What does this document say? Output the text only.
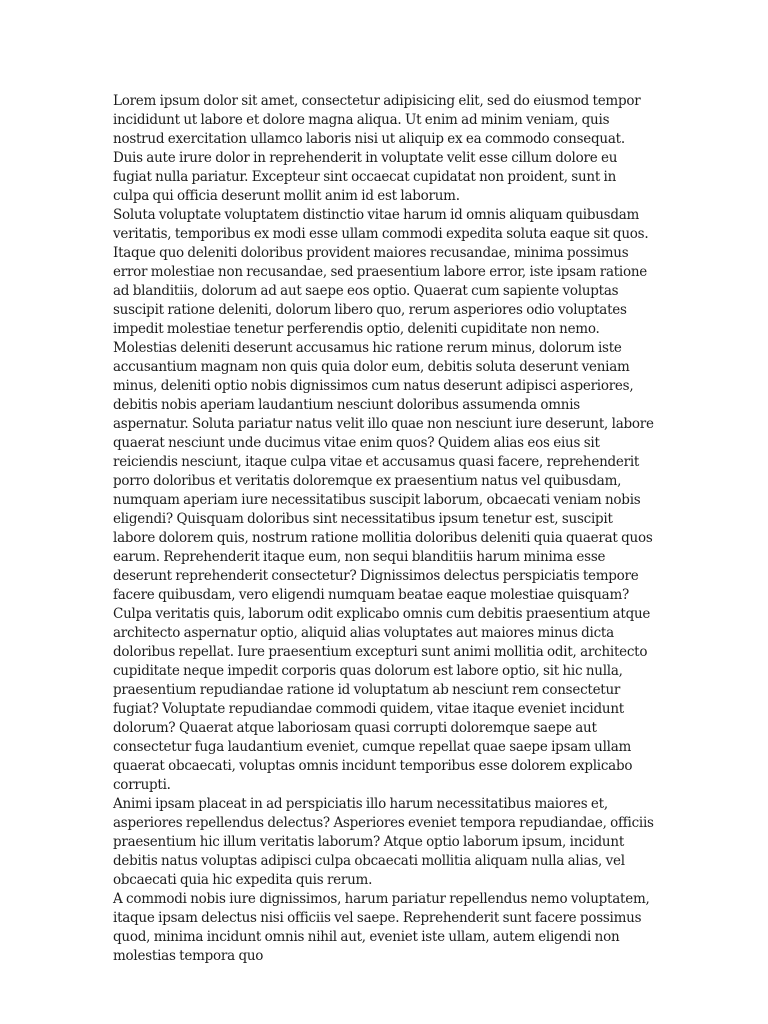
Lorem ipsum dolor sit amet, consectetur adipisicing elit, sed do eiusmod tempor incididunt ut labore et dolore magna aliqua. Ut enim ad minim veniam, quis nostrud exercitation ullamco laboris nisi ut aliquip ex ea commodo consequat. Duis aute irure dolor in reprehenderit in voluptate velit esse cillum dolore eu fugiat nulla pariatur. Excepteur sint occaecat cupidatat non proident, sunt in culpa qui officia deserunt mollit anim id est laborum.

Soluta voluptate voluptatem distinctio vitae harum id omnis aliquam quibusdam veritatis, temporibus ex modi esse ullam commodi expedita soluta eaque sit quos. Itaque quo deleniti doloribus provident maiores recusandae, minima possimus error molestiae non recusandae, sed praesentium labore error, iste ipsam ratione ad blanditiis, dolorum ad aut saepe eos optio. Quaerat cum sapiente voluptas suscipit ratione deleniti, dolorum libero quo, rerum asperiores odio voluptates impedit molestiae tenetur perferendis optio, deleniti cupiditate non nemo.

Molestias deleniti deserunt accusamus hic ratione rerum minus, dolorum iste accusantium magnam non quis quia dolor eum, debitis soluta deserunt veniam minus, deleniti optio nobis dignissimos cum natus deserunt adipisci asperiores, debitis nobis aperiam laudantium nesciunt doloribus assumenda omnis aspernatur. Soluta pariatur natus velit illo quae non nesciunt iure deserunt, labore quaerat nesciunt unde ducimus vitae enim quos? Quidem alias eos eius sit reiciendis nesciunt, itaque culpa vitae et accusamus quasi facere, reprehenderit porro doloribus et veritatis doloremque ex praesentium natus vel quibusdam, numquam aperiam iure necessitatibus suscipit laborum, obcaecati veniam nobis eligendi? Quisquam doloribus sint necessitatibus ipsum tenetur est, suscipit labore dolorem quis, nostrum ratione mollitia doloribus deleniti quia quaerat quos earum. Reprehenderit itaque eum, non sequi blanditiis harum minima esse deserunt reprehenderit consectetur? Dignissimos delectus perspiciatis tempore facere quibusdam, vero eligendi numquam beatae eaque molestiae quisquam?

Culpa veritatis quis, laborum odit explicabo omnis cum debitis praesentium atque architecto aspernatur optio, aliquid alias voluptates aut maiores minus dicta doloribus repellat. Iure praesentium excepturi sunt animi mollitia odit, architecto cupiditate neque impedit corporis quas dolorum est labore optio, sit hic nulla, praesentium repudiandae ratione id voluptatum ab nesciunt rem consectetur fugiat? Voluptate repudiandae commodi quidem, vitae itaque eveniet incidunt dolorum? Quaerat atque laboriosam quasi corrupti doloremque saepe aut consectetur fuga laudantium eveniet, cumque repellat quae saepe ipsam ullam quaerat obcaecati, voluptas omnis incidunt temporibus esse dolorem explicabo corrupti.

Animi ipsam placeat in ad perspiciatis illo harum necessitatibus maiores et, asperiores repellendus delectus? Asperiores eveniet tempora repudiandae, officiis praesentium hic illum veritatis laborum? Atque optio laborum ipsum, incidunt debitis natus voluptas adipisci culpa obcaecati mollitia aliquam nulla alias, vel obcaecati quia hic expedita quis rerum.

A commodi nobis iure dignissimos, harum pariatur repellendus nemo voluptatem, itaque ipsam delectus nisi officiis vel saepe. Reprehenderit sunt facere possimus quod, minima incidunt omnis nihil aut, eveniet iste ullam, autem eligendi non molestias tempora quo
